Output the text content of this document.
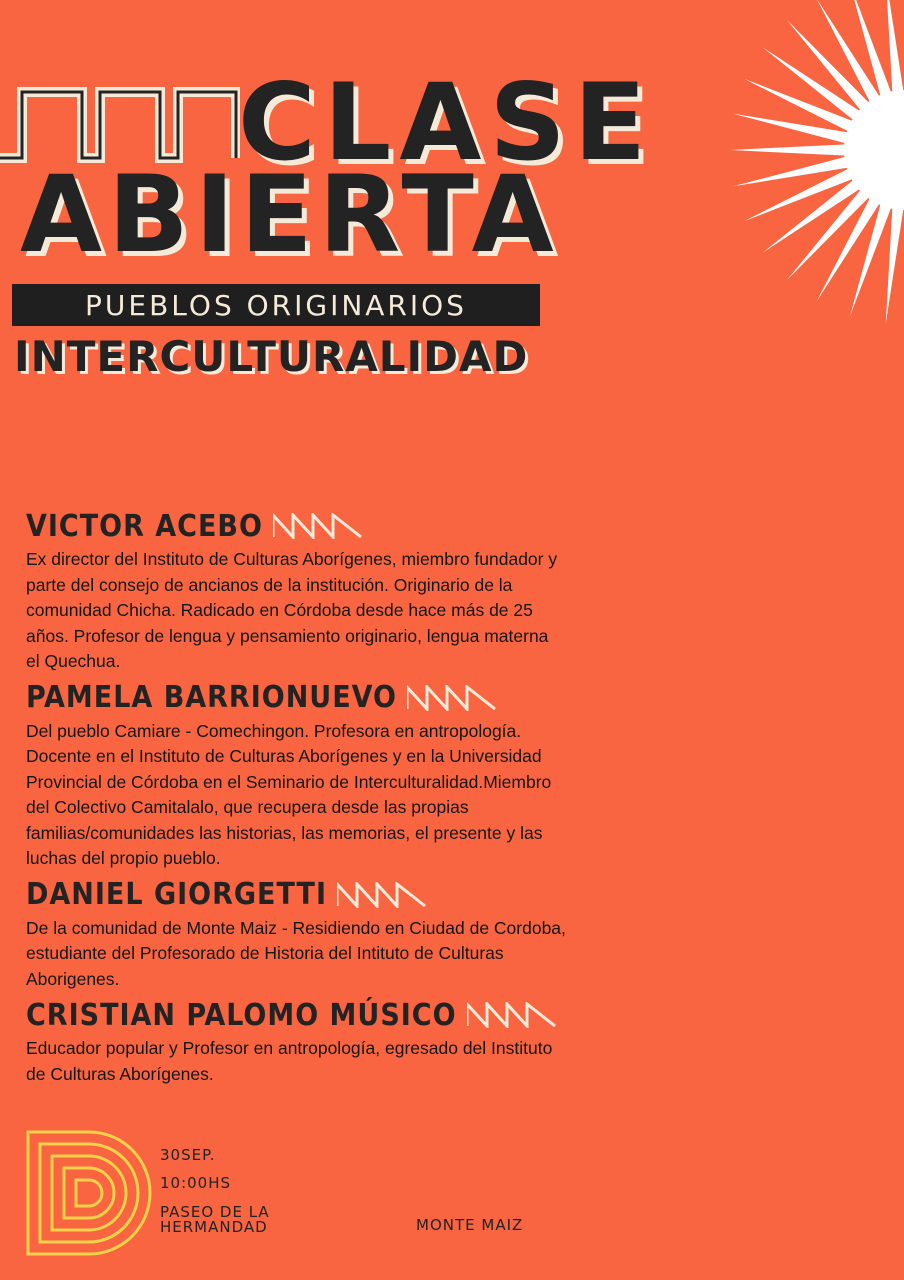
CLASE
ABIERTA
PUEBLOS ORIGINARIOS
INTERCULTURALIDAD
VICTOR ACEBO

Ex director del Instituto de Culturas Aborígenes, miembro fundador y parte del consejo de ancianos de la institución. Originario de la comunidad Chicha. Radicado en Córdoba desde hace más de 25 años. Profesor de lengua y pensamiento originario, lengua materna el Quechua.

PAMELA BARRIONUEVO

Del pueblo Camiare - Comechingon. Profesora en antropología. Docente en el Instituto de Culturas Aborígenes y en la Universidad Provincial de Córdoba en el Seminario de Interculturalidad.Miembro del Colectivo Camitalalo, que recupera desde las propias familias/comunidades las historias, las memorias, el presente y las luchas del propio pueblo.

DANIEL GIORGETTI

De la comunidad de Monte Maiz - Residiendo en Ciudad de Cordoba, estudiante del Profesorado de Historia del Intituto de Culturas Aborigenes.

CRISTIAN PALOMO MÚSICO

Educador popular y Profesor en antropología, egresado del Instituto de Culturas Aborígenes.

30SEP.
10:00HS
PASEO DE LA HERMANDAD	MONTE MAIZ
